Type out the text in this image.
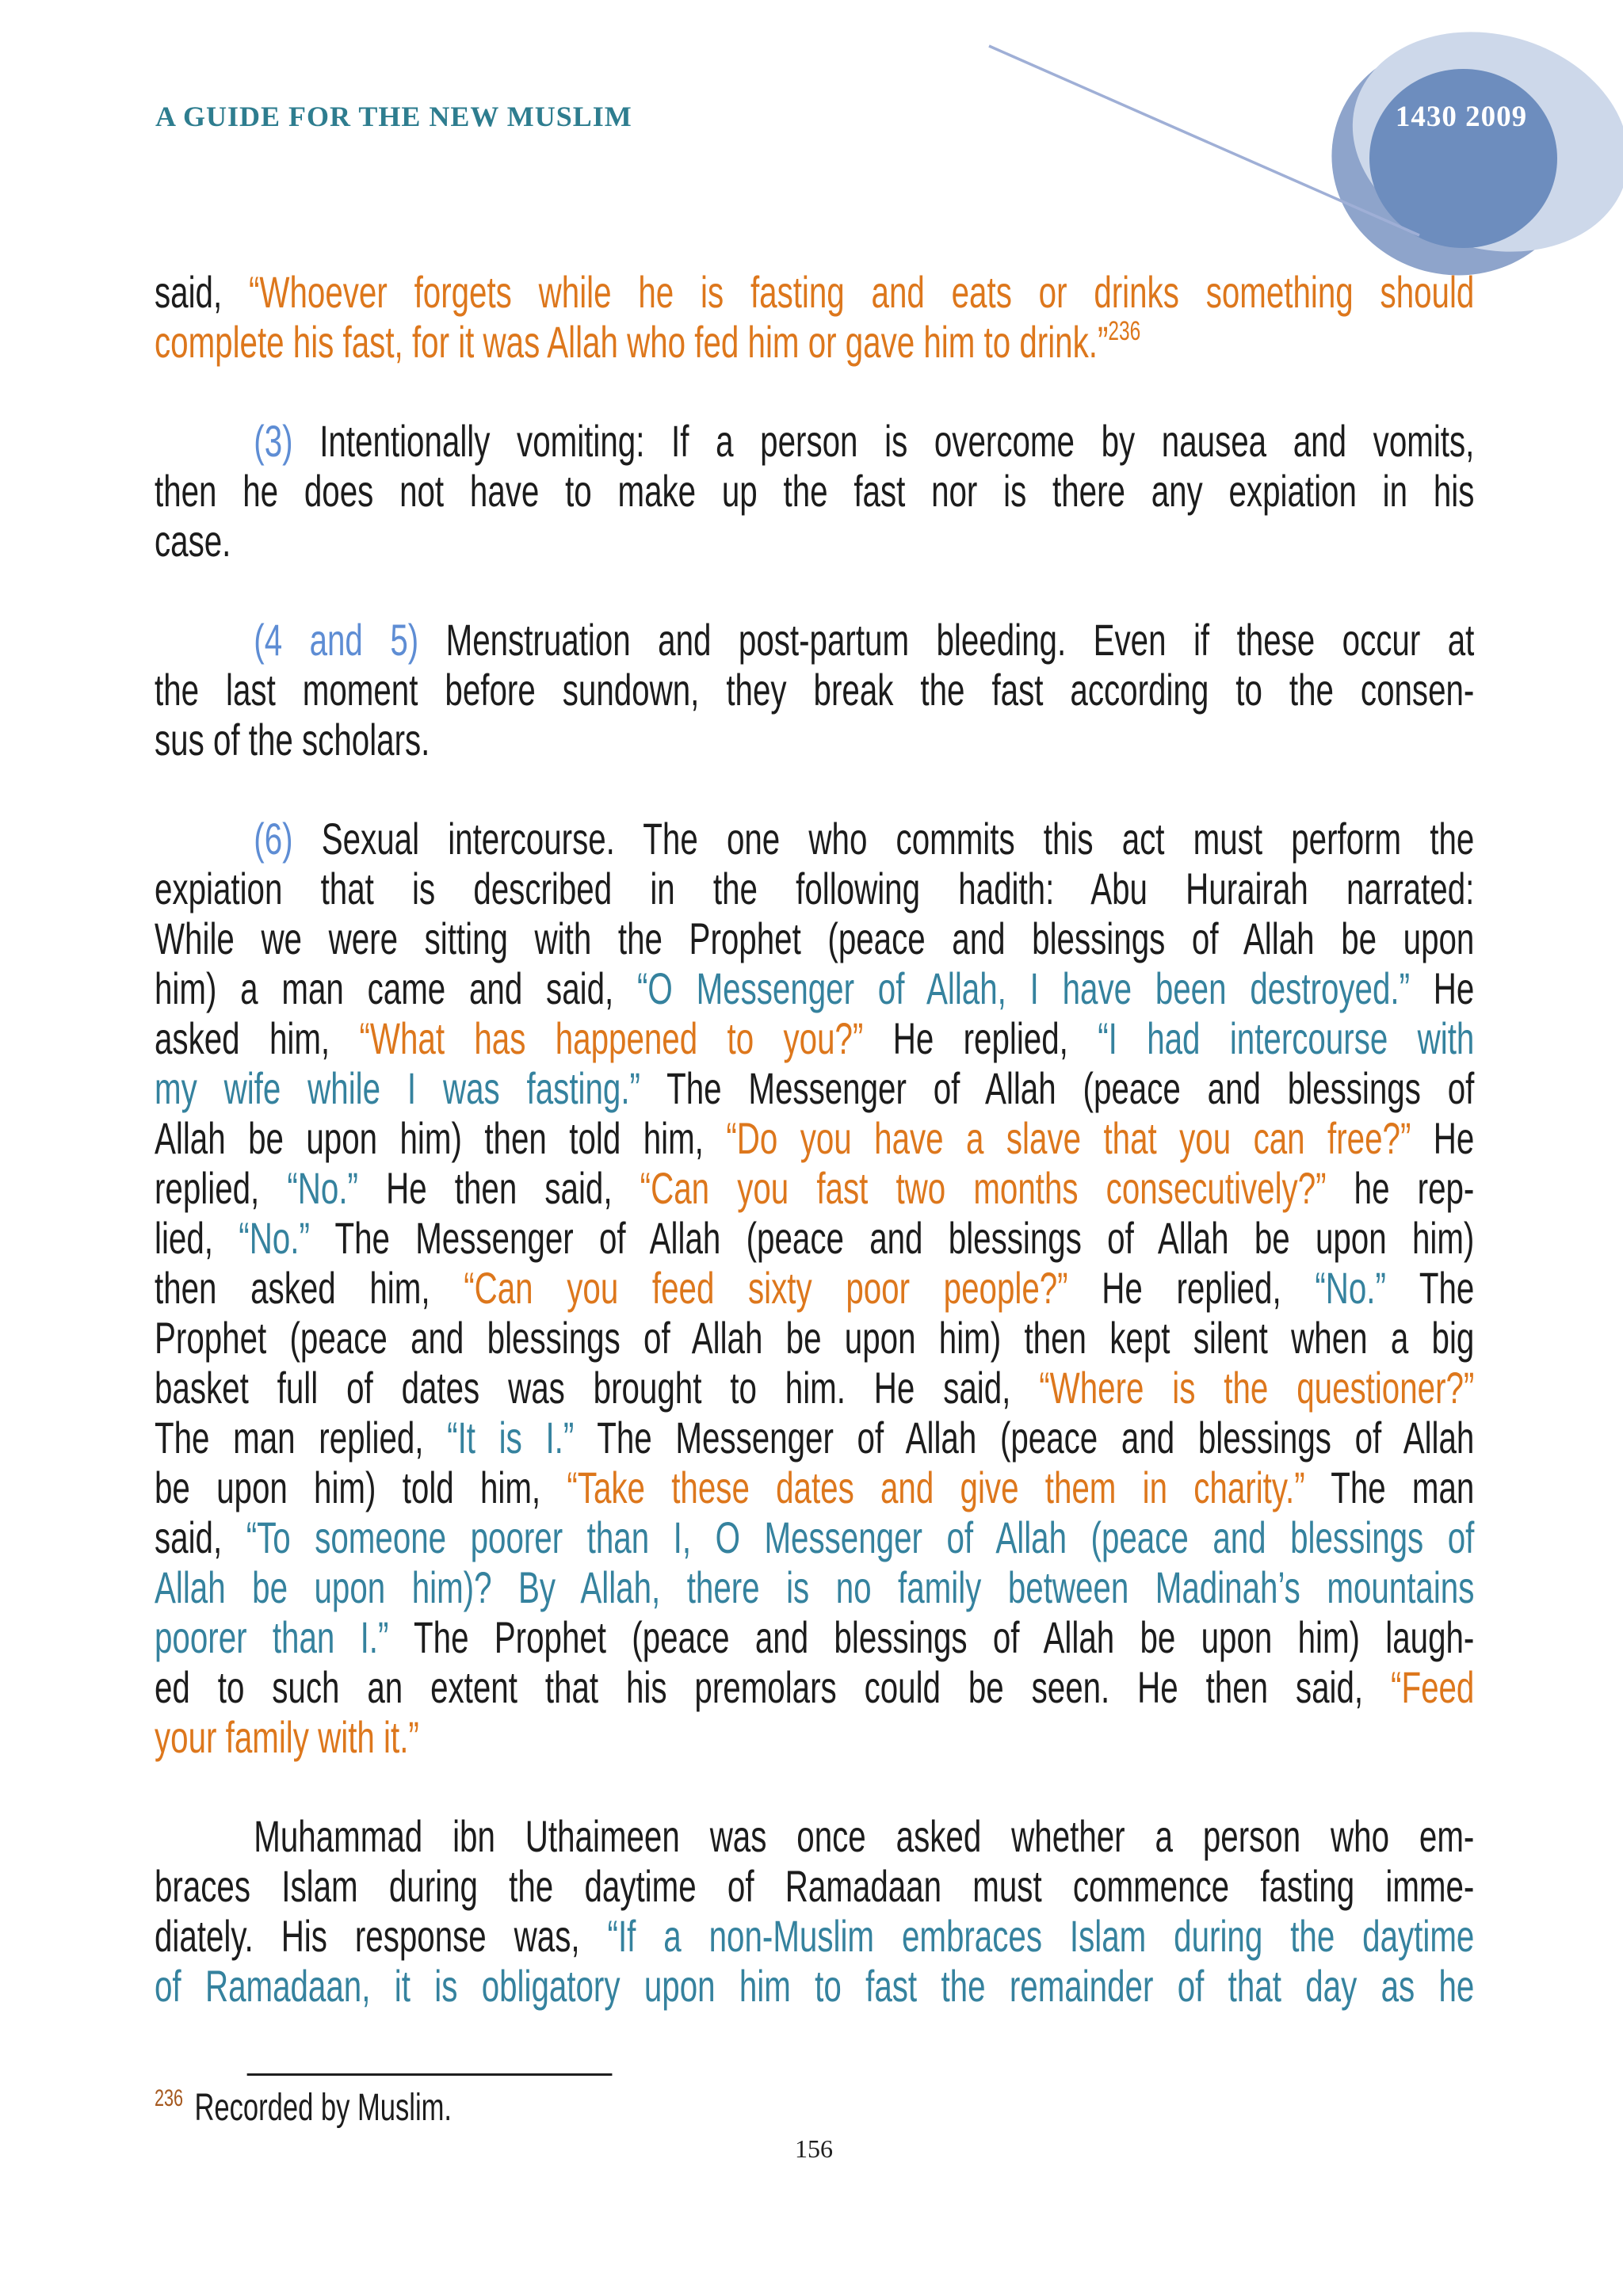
1430 2009
A GUIDE FOR THE NEW MUSLIM
said, “Whoever forgets while he is fasting and eats or drinks something should
complete his fast, for it was Allah who fed him or gave him to drink.”$^{236}$
(3) Intentionally vomiting: If a person is overcome by nausea and vomits,
then he does not have to make up the fast nor is there any expiation in his
case.
(4 and 5) Menstruation and post-partum bleeding. Even if these occur at
the last moment before sundown, they break the fast according to the consen-
sus of the scholars.
(6) Sexual intercourse. The one who commits this act must perform the
expiation that is described in the following hadith: Abu Hurairah narrated:
While we were sitting with the Prophet (peace and blessings of Allah be upon
him) a man came and said, “O Messenger of Allah, I have been destroyed.” He
asked him, “What has happened to you?” He replied, “I had intercourse with
my wife while I was fasting.” The Messenger of Allah (peace and blessings of
Allah be upon him) then told him, “Do you have a slave that you can free?” He
replied, “No.” He then said, “Can you fast two months consecutively?” he rep-
lied, “No.” The Messenger of Allah (peace and blessings of Allah be upon him)
then asked him, “Can you feed sixty poor people?” He replied, “No.” The
Prophet (peace and blessings of Allah be upon him) then kept silent when a big
basket full of dates was brought to him. He said, “Where is the questioner?”
The man replied, “It is I.” The Messenger of Allah (peace and blessings of Allah
be upon him) told him, “Take these dates and give them in charity.” The man
said, “To someone poorer than I, O Messenger of Allah (peace and blessings of
Allah be upon him)? By Allah, there is no family between Madinah’s mountains
poorer than I.” The Prophet (peace and blessings of Allah be upon him) laugh-
ed to such an extent that his premolars could be seen. He then said, “Feed
your family with it.”
Muhammad ibn Uthaimeen was once asked whether a person who em-
braces Islam during the daytime of Ramadaan must commence fasting imme-
diately. His response was, “If a non-Muslim embraces Islam during the daytime
of Ramadaan, it is obligatory upon him to fast the remainder of that day as he
$^{236}$ Recorded by Muslim.
156
